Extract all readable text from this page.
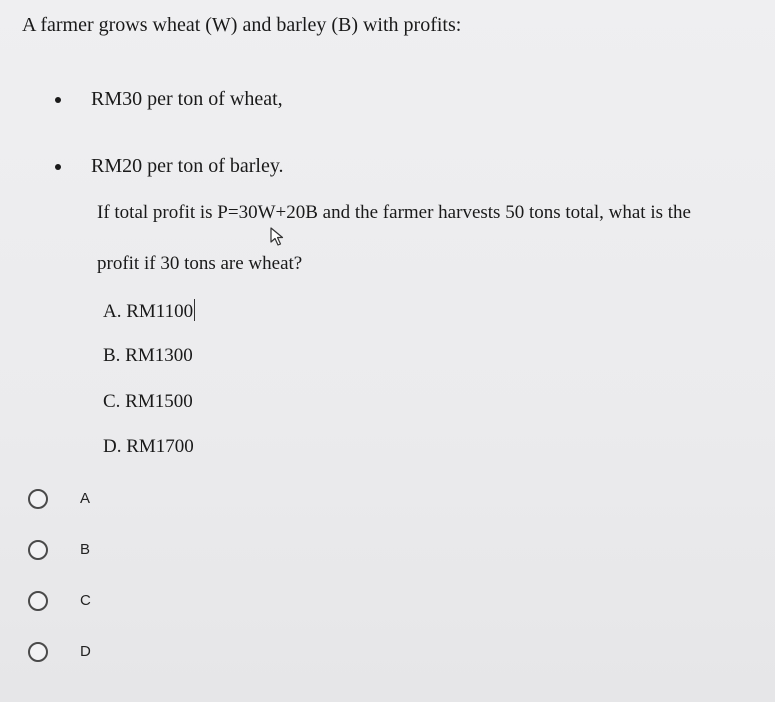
A farmer grows wheat (W) and barley (B) with profits:
RM30 per ton of wheat,
RM20 per ton of barley.
If total profit is P=30W+20B and the farmer harvests 50 tons total, what is the
profit if 30 tons are wheat?
A. RM1100
B. RM1300
C. RM1500
D. RM1700
A
B
C
D
